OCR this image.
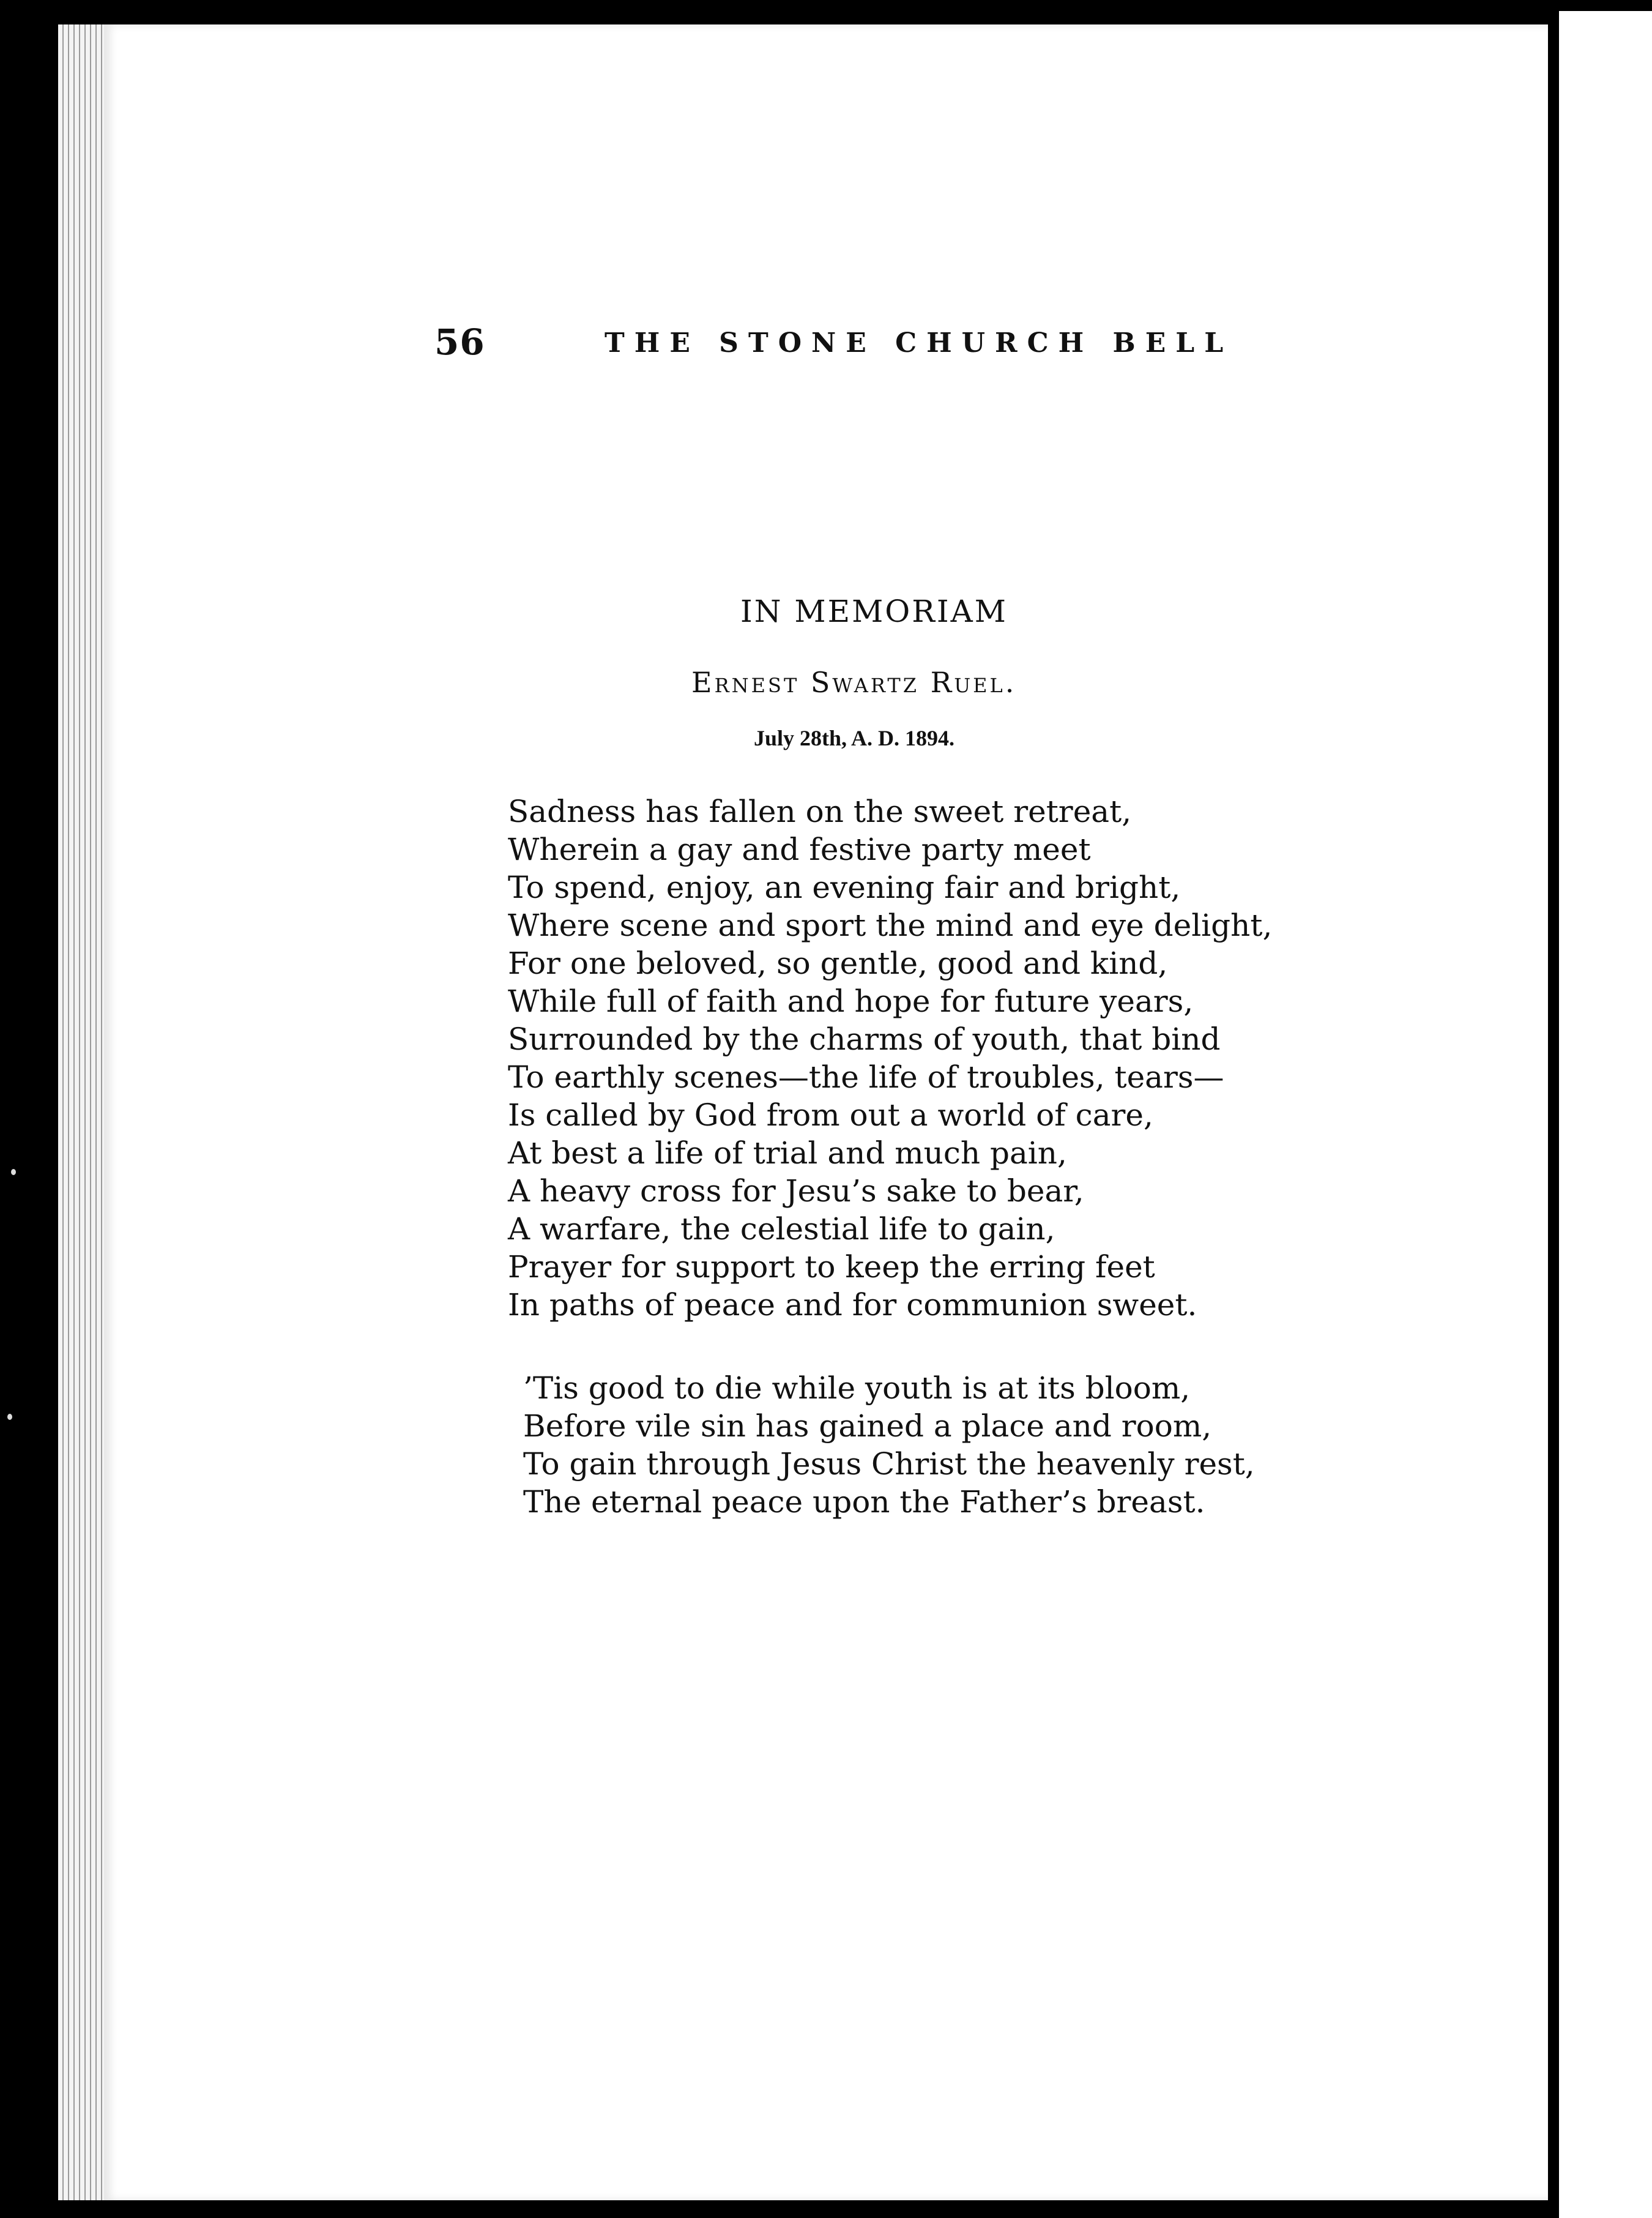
56	THE STONE CHURCH BELL
IN MEMORIAM
Ernest Swartz Ruel.
July 28th, A. D. 1894.
Sadness has fallen on the sweet retreat,
Wherein a gay and festive party meet
To spend, enjoy, an evening fair and bright,
Where scene and sport the mind and eye delight,
For one beloved, so gentle, good and kind,
While full of faith and hope for future years,
Surrounded by the charms of youth, that bind
To earthly scenes—the life of troubles, tears—
Is called by God from out a world of care,
At best a life of trial and much pain,
A heavy cross for Jesu’s sake to bear,
A warfare, the celestial life to gain,
Prayer for support to keep the erring feet
In paths of peace and for communion sweet.
’Tis good to die while youth is at its bloom,
Before vile sin has gained a place and room,
To gain through Jesus Christ the heavenly rest,
The eternal peace upon the Father’s breast.
